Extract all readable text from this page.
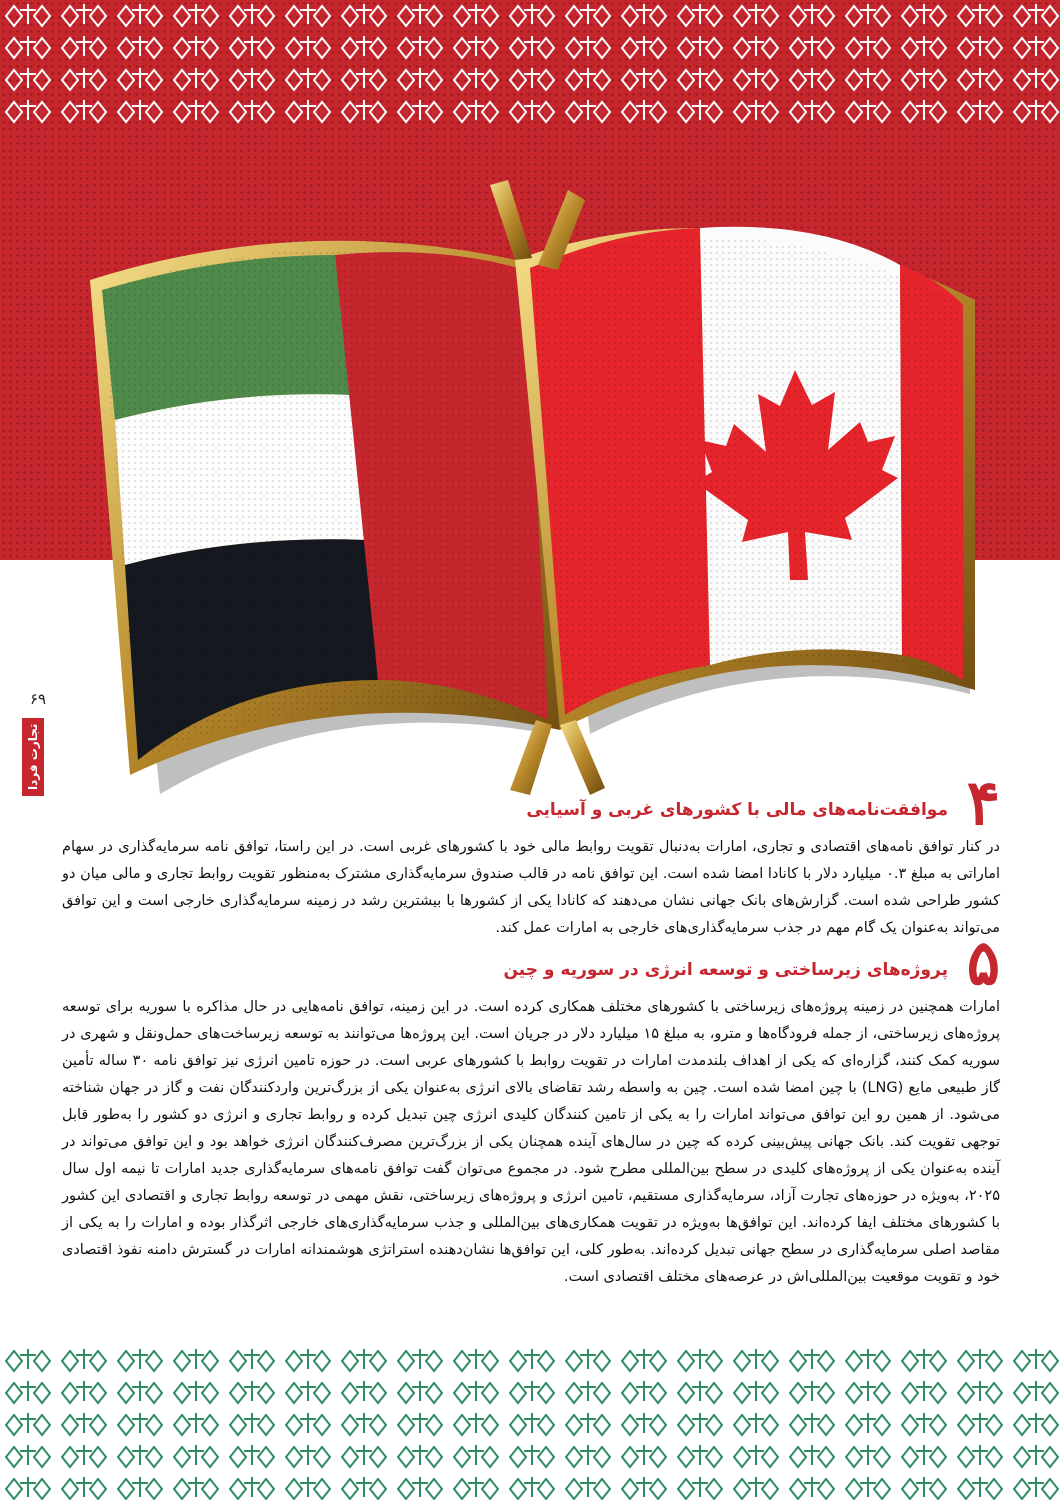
۶۹
تجارت فردا
۴
موافقت‌نامه‌های مالی با کشورهای غربی و آسیایی

در کنار توافق نامه‌های اقتصادی و تجاری، امارات به‌دنبال تقویت روابط مالی خود با کشورهای غربی است. در این راستا، توافق نامه سرمایه‌گذاری در سهام اماراتی به مبلغ ۰.۳ میلیارد دلار با کانادا امضا شده است. این توافق نامه در قالب صندوق سرمایه‌گذاری مشترک به‌منظور تقویت روابط تجاری و مالی میان دو کشور طراحی شده است. گزارش‌های بانک جهانی نشان می‌دهند که کانادا یکی از کشورها با بیشترین رشد در زمینه سرمایه‌گذاری خارجی است و این توافق می‌تواند به‌عنوان یک گام مهم در جذب سرمایه‌گذاری‌های خارجی به امارات عمل کند.

۵
پروژه‌های زیرساختی و توسعه انرژی در سوریه و چین

امارات همچنین در زمینه پروژه‌های زیرساختی با کشورهای مختلف همکاری کرده است. در این زمینه، توافق نامه‌هایی در حال مذاکره با سوریه برای توسعه پروژه‌های زیرساختی، از جمله فرودگاه‌ها و مترو، به مبلغ ۱۵ میلیارد دلار در جریان است. این پروژه‌ها می‌توانند به توسعه زیرساخت‌های حمل‌ونقل و شهری در سوریه کمک کنند، گزاره‌ای که یکی از اهداف بلندمدت امارات در تقویت روابط با کشورهای عربی است. در حوزه تامین انرژی نیز توافق نامه ۳۰ ساله تأمین گاز طبیعی مایع (LNG) با چین امضا شده است. چین به واسطه رشد تقاضای بالای انرژی به‌عنوان یکی از بزرگ‌ترین واردکنندگان نفت و گاز در جهان شناخته می‌شود. از همین رو این توافق می‌تواند امارات را به یکی از تامین کنندگان کلیدی انرژی چین تبدیل کرده و روابط تجاری و انرژی دو کشور را به‌طور قابل توجهی تقویت کند. بانک جهانی پیش‌بینی کرده که چین در سال‌های آینده همچنان یکی از بزرگ‌ترین مصرف‌کنندگان انرژی خواهد بود و این توافق می‌تواند در آینده به‌عنوان یکی از پروژه‌های کلیدی در سطح بین‌المللی مطرح شود. در مجموع می‌توان گفت توافق نامه‌های سرمایه‌گذاری جدید امارات تا نیمه اول سال ۲۰۲۵، به‌ویژه در حوزه‌های تجارت آزاد، سرمایه‌گذاری مستقیم، تامین انرژی و پروژه‌های زیرساختی، نقش مهمی در توسعه روابط تجاری و اقتصادی این کشور با کشورهای مختلف ایفا کرده‌اند. این توافق‌ها به‌ویژه در تقویت همکاری‌های بین‌المللی و جذب سرمایه‌گذاری‌های خارجی اثرگذار بوده و امارات را به یکی از مقاصد اصلی سرمایه‌گذاری در سطح جهانی تبدیل کرده‌اند. به‌طور کلی، این توافق‌ها نشان‌دهنده استراتژی هوشمندانه امارات در گسترش دامنه نفوذ اقتصادی خود و تقویت موقعیت بین‌المللی‌اش در عرصه‌های مختلف اقتصادی است.
